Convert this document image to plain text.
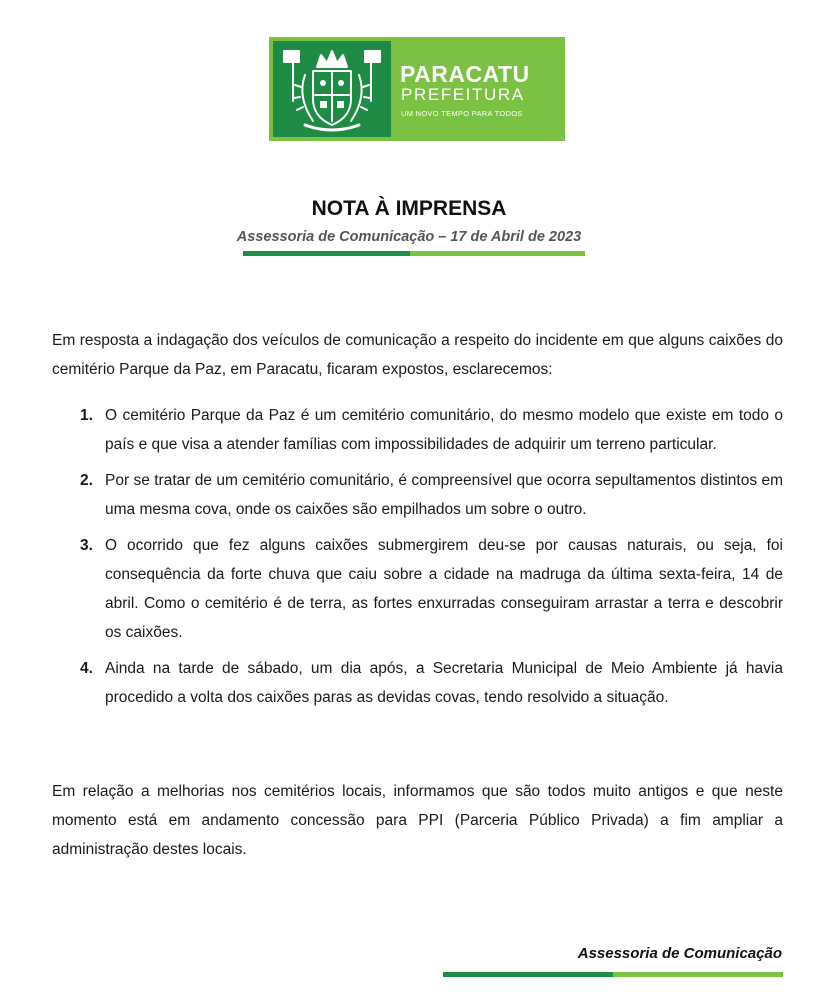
PARACATU
PREFEITURA
UM NOVO TEMPO PARA TODOS
NOTA À IMPRENSA
Assessoria de Comunicação – 17 de Abril de 2023

Em resposta a indagação dos veículos de comunicação a respeito do incidente em que alguns caixões do cemitério Parque da Paz, em Paracatu, ficaram expostos, esclarecemos:

1. O cemitério Parque da Paz é um cemitério comunitário, do mesmo modelo que existe em todo o país e que visa a atender famílias com impossibilidades de adquirir um terreno particular.
2. Por se tratar de um cemitério comunitário, é compreensível que ocorra sepultamentos distintos em uma mesma cova, onde os caixões são empilhados um sobre o outro.
3. O ocorrido que fez alguns caixões submergirem deu-se por causas naturais, ou seja, foi consequência da forte chuva que caiu sobre a cidade na madruga da última sexta-feira, 14 de abril. Como o cemitério é de terra, as fortes enxurradas conseguiram arrastar a terra e descobrir os caixões.
4. Ainda na tarde de sábado, um dia após, a Secretaria Municipal de Meio Ambiente já havia procedido a volta dos caixões paras as devidas covas, tendo resolvido a situação.

Em relação a melhorias nos cemitérios locais, informamos que são todos muito antigos e que neste momento está em andamento concessão para PPI (Parceria Público Privada) a fim ampliar a administração destes locais.

Assessoria de Comunicação
